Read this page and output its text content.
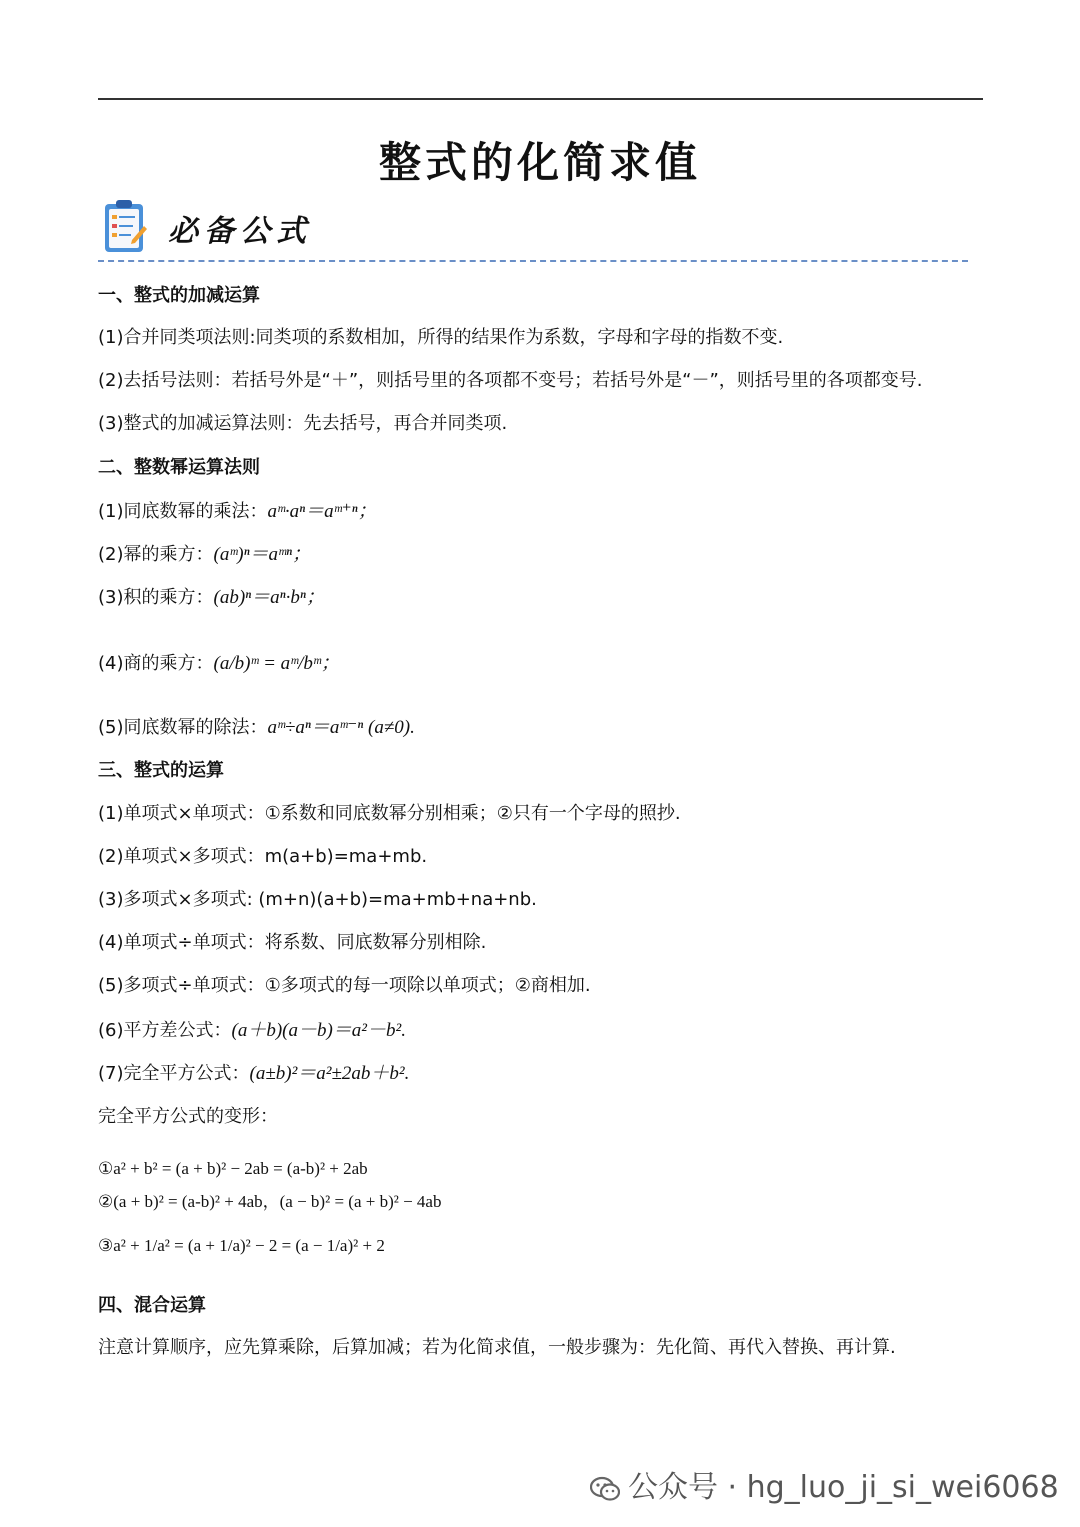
整式的化简求值
必备公式
一、整式的加减运算
(1)合并同类项法则:同类项的系数相加，所得的结果作为系数，字母和字母的指数不变.
(2)去括号法则：若括号外是“＋”，则括号里的各项都不变号；若括号外是“－”，则括号里的各项都变号.
(3)整式的加减运算法则：先去括号，再合并同类项.
二、整数幂运算法则
(1)同底数幂的乘法：aᵐ·aⁿ＝aᵐ⁺ⁿ；
(2)幂的乘方：(aᵐ)ⁿ＝aᵐⁿ；
(3)积的乘方：(ab)ⁿ＝aⁿ·bⁿ；
(4)商的乘方：(a/b)ᵐ = aᵐ/bᵐ；
(5)同底数幂的除法：aᵐ÷aⁿ＝aᵐ⁻ⁿ (a≠0).
三、整式的运算
(1)单项式×单项式：①系数和同底数幂分别相乘；②只有一个字母的照抄.
(2)单项式×多项式：m(a+b)=ma+mb.
(3)多项式×多项式: (m+n)(a+b)=ma+mb+na+nb.
(4)单项式÷单项式：将系数、同底数幂分别相除.
(5)多项式÷单项式：①多项式的每一项除以单项式；②商相加.
(6)平方差公式：(a＋b)(a－b)＝a²－b².
(7)完全平方公式：(a±b)²＝a²±2ab＋b².
完全平方公式的变形：
①a² + b² = (a + b)² − 2ab = (a-b)² + 2ab
②(a + b)² = (a-b)² + 4ab，(a − b)² = (a + b)² − 4ab
③a² + 1/a² = (a + 1/a)² − 2 = (a − 1/a)² + 2
四、混合运算
注意计算顺序，应先算乘除，后算加减；若为化简求值，一般步骤为：先化简、再代入替换、再计算.
公众号 · hg_luo_ji_si_wei6068
